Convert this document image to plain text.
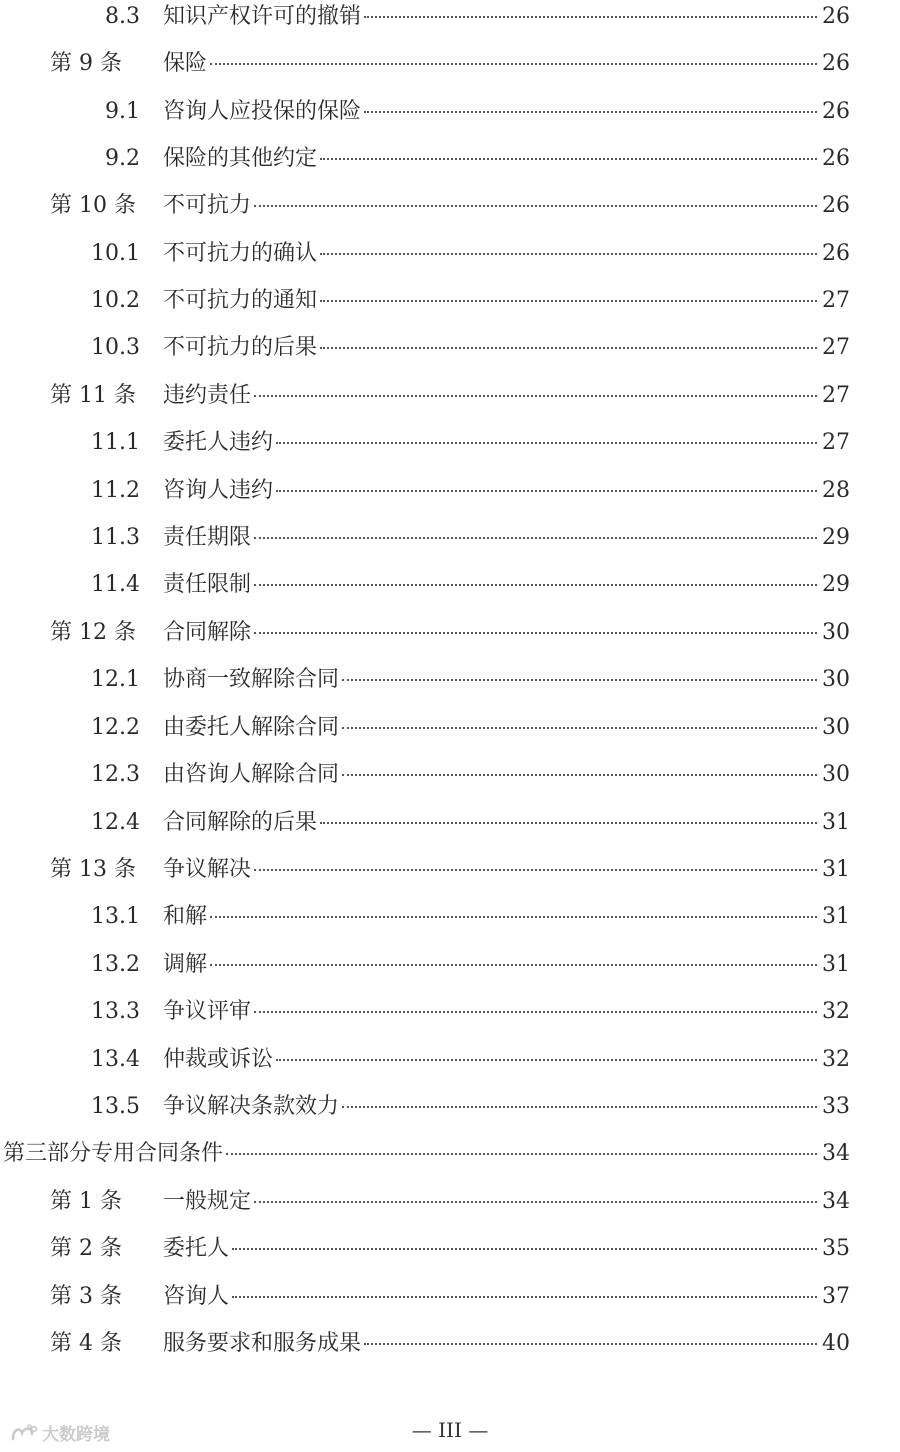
8.3 知识产权许可的撤销	26
第 9 条 保险	26
9.1 咨询人应投保的保险	26
9.2 保险的其他约定	26
第 10 条 不可抗力	26
10.1 不可抗力的确认	26
10.2 不可抗力的通知	27
10.3 不可抗力的后果	27
第 11 条 违约责任	27
11.1 委托人违约	27
11.2 咨询人违约	28
11.3 责任期限	29
11.4 责任限制	29
第 12 条 合同解除	30
12.1 协商一致解除合同	30
12.2 由委托人解除合同	30
12.3 由咨询人解除合同	30
12.4 合同解除的后果	31
第 13 条 争议解决	31
13.1 和解	31
13.2 调解	31
13.3 争议评审	32
13.4 仲裁或诉讼	32
13.5 争议解决条款效力	33
第三部分专用合同条件	34
第 1 条 一般规定	34
第 2 条 委托人	35
第 3 条 咨询人	37
第 4 条 服务要求和服务成果	40
大数跨境	— III —
